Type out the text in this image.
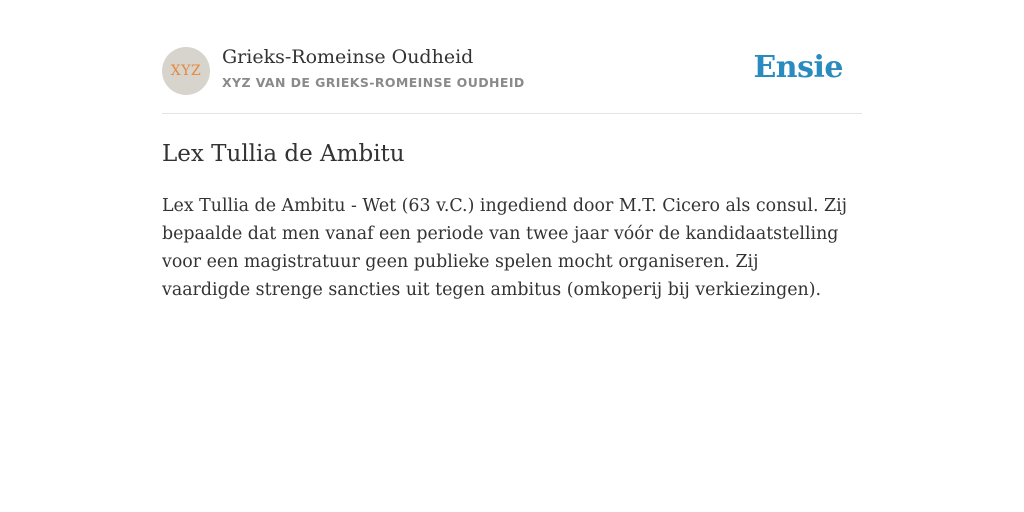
XYZ
Grieks-Romeinse Oudheid
XYZ VAN DE GRIEKS-ROMEINSE OUDHEID	Ensie
Lex Tullia de Ambitu

Lex Tullia de Ambitu - Wet (63 v.C.) ingediend door M.T. Cicero als consul. Zij bepaalde dat men vanaf een periode van twee jaar vóór de kandidaatstelling voor een magistratuur geen publieke spelen mocht organiseren. Zij vaardigde strenge sancties uit tegen ambitus (omkoperij bij verkiezingen).
